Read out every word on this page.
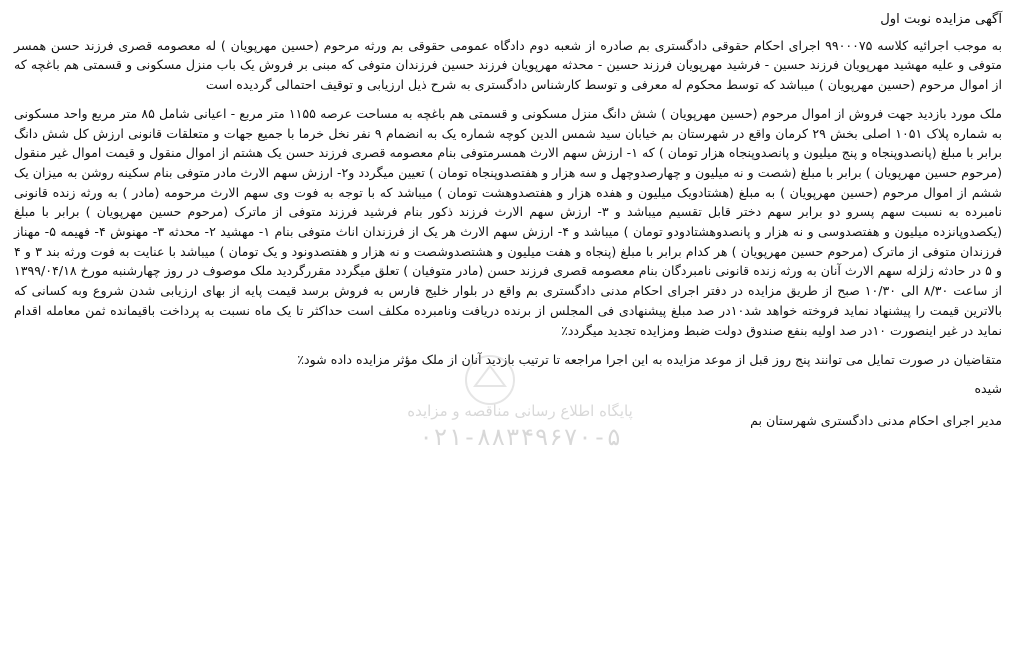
آگهی مزایده نوبت اول
به موجب اجرائیه کلاسه ۹۹۰۰۰۷۵ اجرای احکام حقوقی دادگستری بم صادره از شعبه دوم دادگاه عمومی حقوقی بم ورثه مرحوم (حسین مهرپویان ) له معصومه قصری فرزند حسن همسر متوفی و علیه مهشید مهرپویان فرزند حسین - فرشید مهرپویان فرزند حسین - محدثه مهرپویان فرزند حسین فرزندان متوفی که مبنی بر فروش یک باب منزل مسکونی و قسمتی هم باغچه که از اموال مرحوم (حسین مهرپویان ) میباشد که توسط محکوم له معرفی و توسط کارشناس دادگستری به شرح ذیل ارزیابی و توقیف احتمالی گردیده است
ملک مورد بازدید جهت فروش از اموال مرحوم (حسین مهرپویان ) شش دانگ منزل مسکونی و قسمتی هم باغچه به مساحت عرصه ۱۱۵۵ متر مربع - اعیانی شامل ۸۵ متر مربع واحد مسکونی به شماره پلاک ۱۰۵۱ اصلی بخش ۲۹ کرمان واقع در شهرستان بم خیابان سید شمس الدین کوچه شماره یک به انضمام ۹ نفر نخل خرما با جمیع جهات و متعلقات قانونی ارزش کل شش دانگ برابر با مبلغ (پانصدوپنجاه و پنج میلیون و پانصدوپنجاه هزار تومان ) که ۱- ارزش سهم الارث همسرمتوفی بنام معصومه قصری فرزند حسن یک هشتم از اموال منقول و قیمت اموال غیر منقول (مرحوم حسین مهرپویان ) برابر با مبلغ (شصت و نه میلیون و چهارصدوچهل و سه هزار و هفتصدوپنجاه تومان ) تعیین میگردد و۲- ارزش سهم الارث مادر متوفی بنام سکینه روشن به میزان یک ششم از اموال مرحوم (حسین مهرپویان ) به مبلغ (هشتادویک میلیون و هفده هزار و هفتصدوهشت تومان ) میباشد که با توجه به فوت وی سهم الارث مرحومه (مادر ) به ورثه زنده قانونی نامبرده به نسبت سهم پسرو دو برابر سهم دختر قابل تقسیم میباشد و ۳- ارزش سهم الارث فرزند ذکور بنام فرشید فرزند متوفی از ماترک (مرحوم حسین مهرپویان ) برابر با مبلغ (یکصدوپانزده میلیون و هفتصدوسی و نه هزار و پانصدوهشتادودو تومان ) میباشد و ۴- ارزش سهم الارث هر یک از فرزندان اناث متوفی بنام ۱- مهشید ۲- محدثه ۳- مهنوش ۴- فهیمه ۵- مهناز فرزندان متوفی از ماترک (مرحوم حسین مهرپویان ) هر کدام برابر با مبلغ (پنجاه و هفت میلیون و هشتصدوشصت و نه هزار و هفتصدونود و یک تومان ) میباشد با عنایت به فوت ورثه بند ۳ و ۴ و ۵ در حادثه زلزله سهم الارث آنان به ورثه زنده قانونی نامبردگان بنام معصومه قصری فرزند حسن (مادر متوفیان ) تعلق میگردد مقررگردید ملک موصوف در روز چهارشنبه مورخ ۱۳۹۹/۰۴/۱۸ از ساعت ۸/۳۰ الی ۱۰/۳۰ صبح از طریق مزایده در دفتر اجرای احکام مدنی دادگستری بم واقع در بلوار خلیج فارس به فروش برسد قیمت پایه از بهای ارزیابی شدن شروع وبه کسانی که بالاترین قیمت را پیشنهاد نماید فروخته خواهد شد۱۰در صد مبلغ پیشنهادی فی المجلس از برنده دریافت ونامبرده مکلف است حداکثر تا یک ماه نسبت به پرداخت باقیمانده ثمن معامله اقدام نماید در غیر اینصورت ۱۰در صد اولیه بنفع صندوق دولت ضبط ومزایده تجدید میگردد٪
متقاضیان در صورت تمایل می توانند پنج روز قبل از موعد مزایده به این اجرا مراجعه تا ترتیب بازدید آنان از ملک مؤثر مزایده داده شود٪
شیده
مدیر اجرای احکام مدنی دادگستری شهرستان بم
پایگاه اطلاع رسانی مناقصه و مزایده
۰۲۱-۸۸۳۴۹۶۷۰-۵
